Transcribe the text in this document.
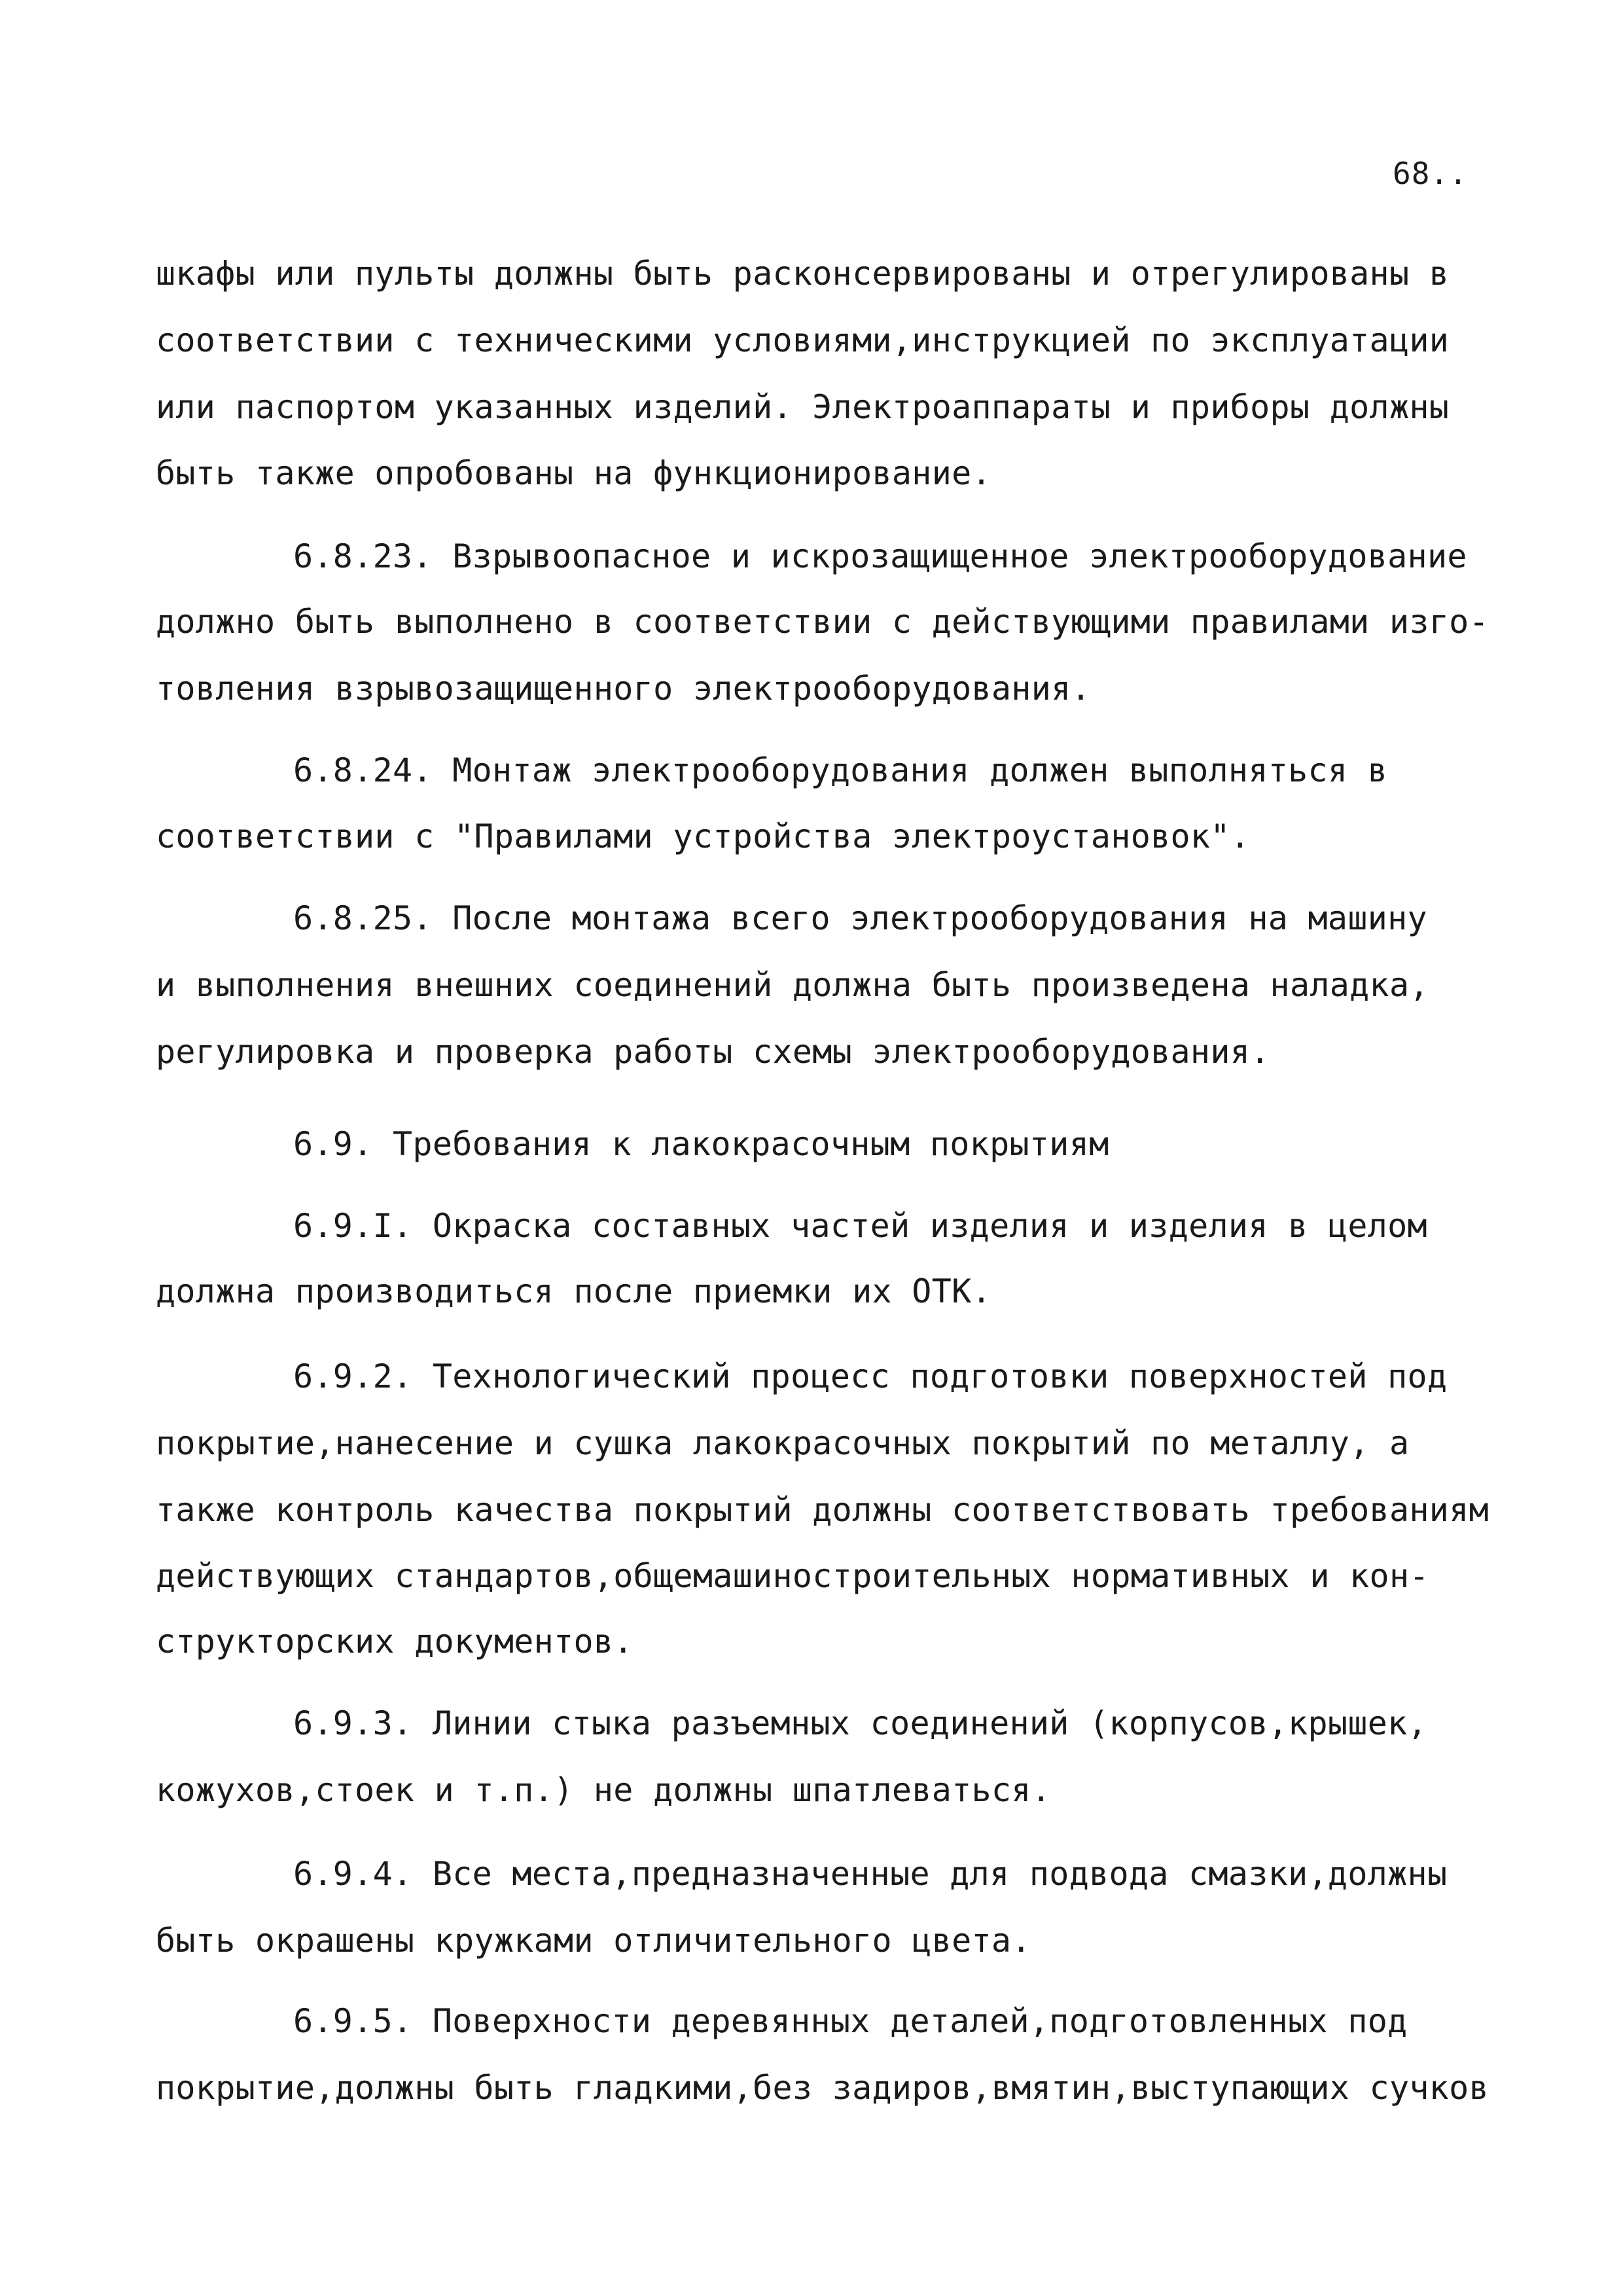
68..
шкафы или пульты должны быть расконсервированы и отрегулированы в
соответствии с техническими условиями,инструкцией по эксплуатации
или паспортом указанных изделий. Электроаппараты и приборы должны
быть также опробованы на функционирование.
6.8.23. Взрывоопасное и искрозащищенное электрооборудование
должно быть выполнено в соответствии с действующими правилами изго-
товления взрывозащищенного электрооборудования.
6.8.24. Монтаж электрооборудования должен выполняться в
соответствии с "Правилами устройства электроустановок".
6.8.25. После монтажа всего электрооборудования на машину
и выполнения внешних соединений должна быть произведена наладка,
регулировка и проверка работы схемы электрооборудования.
6.9. Требования к лакокрасочным покрытиям
6.9.I. Окраска составных частей изделия и изделия в целом
должна производиться после приемки их ОТК.
6.9.2. Технологический процесс подготовки поверхностей под
покрытие,нанесение и сушка лакокрасочных покрытий по металлу, а
также контроль качества покрытий должны соответствовать требованиям
действующих стандартов,общемашиностроительных нормативных и кон-
структорских документов.
6.9.3. Линии стыка разъемных соединений (корпусов,крышек,
кожухов,стоек и т.п.) не должны шпатлеваться.
6.9.4. Все места,предназначенные для подвода смазки,должны
быть окрашены кружками отличительного цвета.
6.9.5. Поверхности деревянных деталей,подготовленных под
покрытие,должны быть гладкими,без задиров,вмятин,выступающих сучков
